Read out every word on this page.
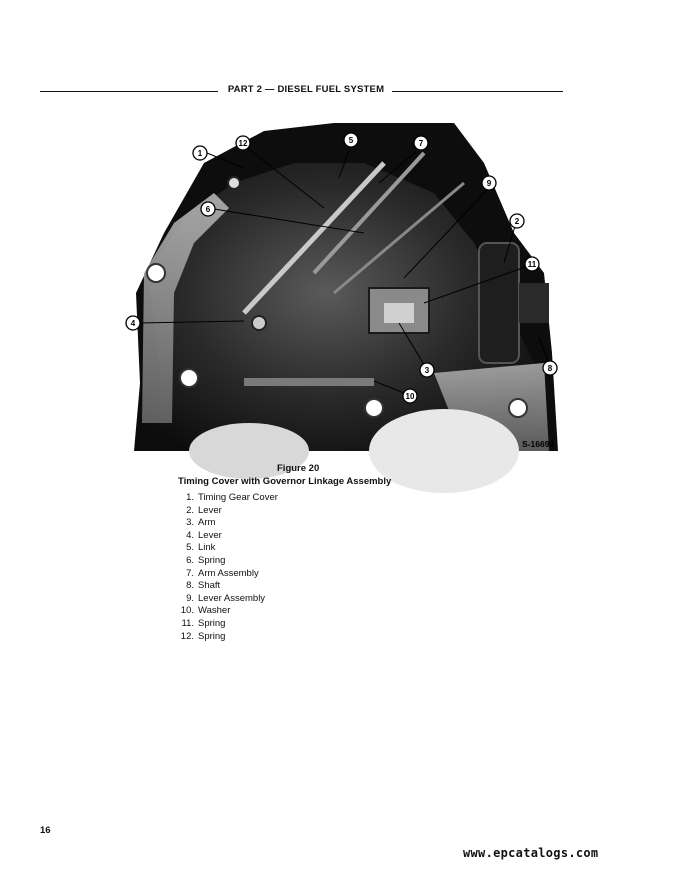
PART 2 — DIESEL FUEL SYSTEM
1
12	5	7
9
6
2
11
4
8
3
10
S-16693
Figure 20
Timing Cover with Governor Linkage Assembly
1. Timing Gear Cover
2. Lever
3. Arm
4. Lever
5. Link
6. Spring
7. Arm Assembly
8. Shaft
9. Lever Assembly
10. Washer
11. Spring
12. Spring
16
www.epcatalogs.com
